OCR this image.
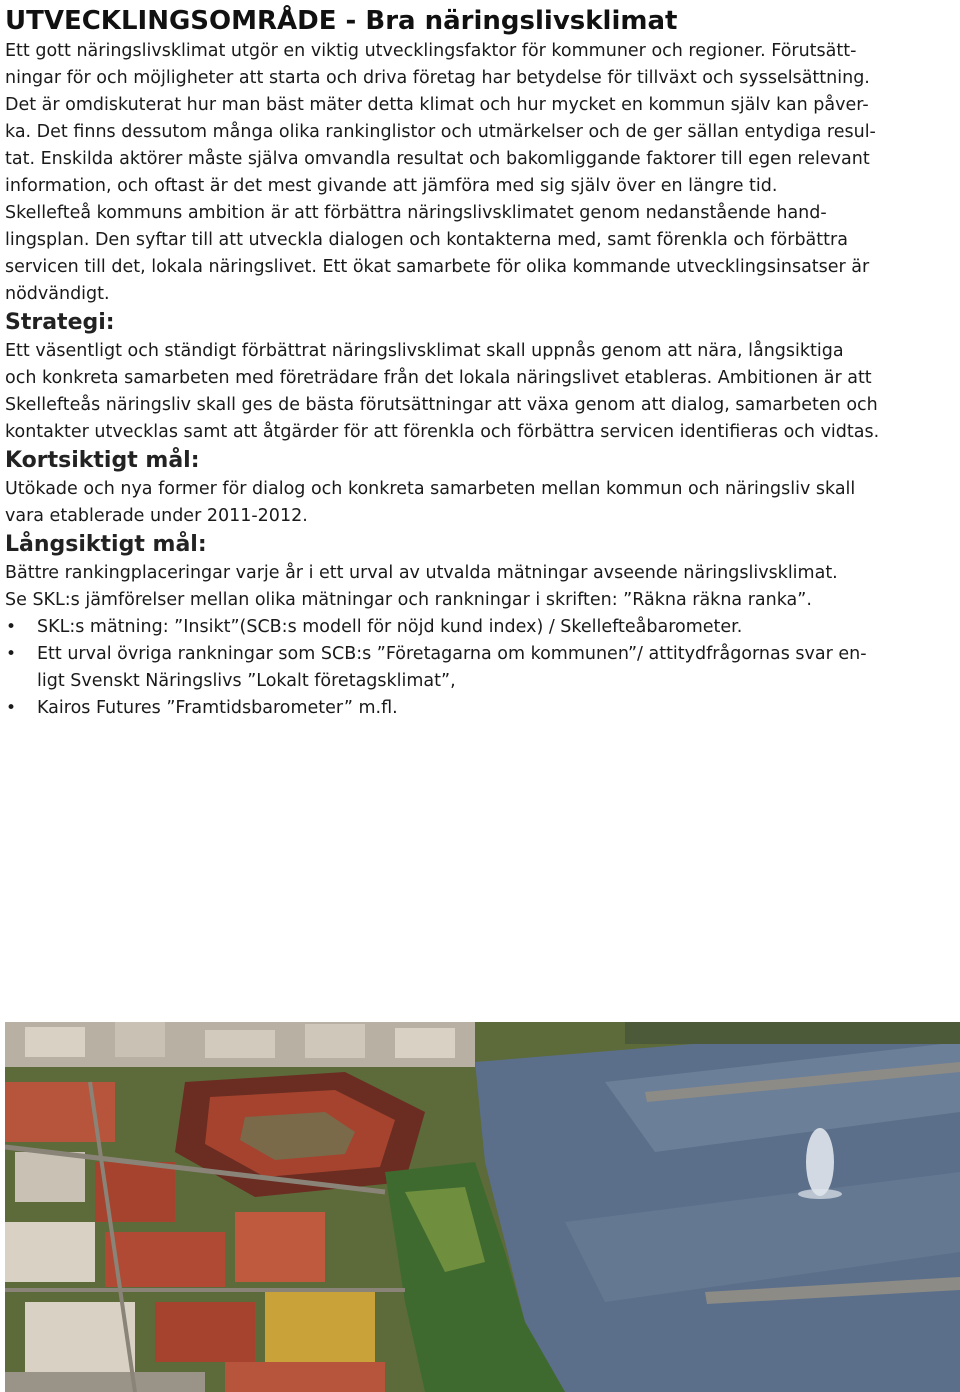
UTVECKLINGSOMRÅDE - Bra näringslivsklimat

Ett gott näringslivsklimat utgör en viktig utvecklingsfaktor för kommuner och regioner. Förutsätt-
ningar för och möjligheter att starta och driva företag har betydelse för tillväxt och sysselsättning.
Det är omdiskuterat hur man bäst mäter detta klimat och hur mycket en kommun själv kan påver-
ka. Det finns dessutom många olika rankinglistor och utmärkelser och de ger sällan entydiga resul-
tat. Enskilda aktörer måste själva omvandla resultat och bakomliggande faktorer till egen relevant
information, och oftast är det mest givande att jämföra med sig själv över en längre tid.

Skellefteå kommuns ambition är att förbättra näringslivsklimatet genom nedanstående hand-
lingsplan. Den syftar till att utveckla dialogen och kontakterna med, samt förenkla och förbättra
servicen till det, lokala näringslivet. Ett ökat samarbete för olika kommande utvecklingsinsatser är
nödvändigt.

Strategi:

Ett väsentligt och ständigt förbättrat näringslivsklimat skall uppnås genom att nära, långsiktiga
och konkreta samarbeten med företrädare från det lokala näringslivet etableras. Ambitionen är att
Skellefteås näringsliv skall ges de bästa förutsättningar att växa genom att dialog, samarbeten och
kontakter utvecklas samt att åtgärder för att förenkla och förbättra servicen identifieras och vidtas.

Kortsiktigt mål:

Utökade och nya former för dialog och konkreta samarbeten mellan kommun och näringsliv skall
vara etablerade under 2011-2012.

Långsiktigt mål:

Bättre rankingplaceringar varje år i ett urval av utvalda mätningar avseende näringslivsklimat.

Se SKL:s jämförelser mellan olika mätningar och rankningar i skriften: ”Räkna räkna ranka”.

• SKL:s mätning: ”Insikt”(SCB:s modell för nöjd kund index) / Skellefteåbarometer.
• Ett urval övriga rankningar som SCB:s ”Företagarna om kommunen”/ attitydfrågornas svar en-
ligt Svenskt Näringslivs ”Lokalt företagsklimat”,
• Kairos Futures ”Framtidsbarometer” m.fl.
